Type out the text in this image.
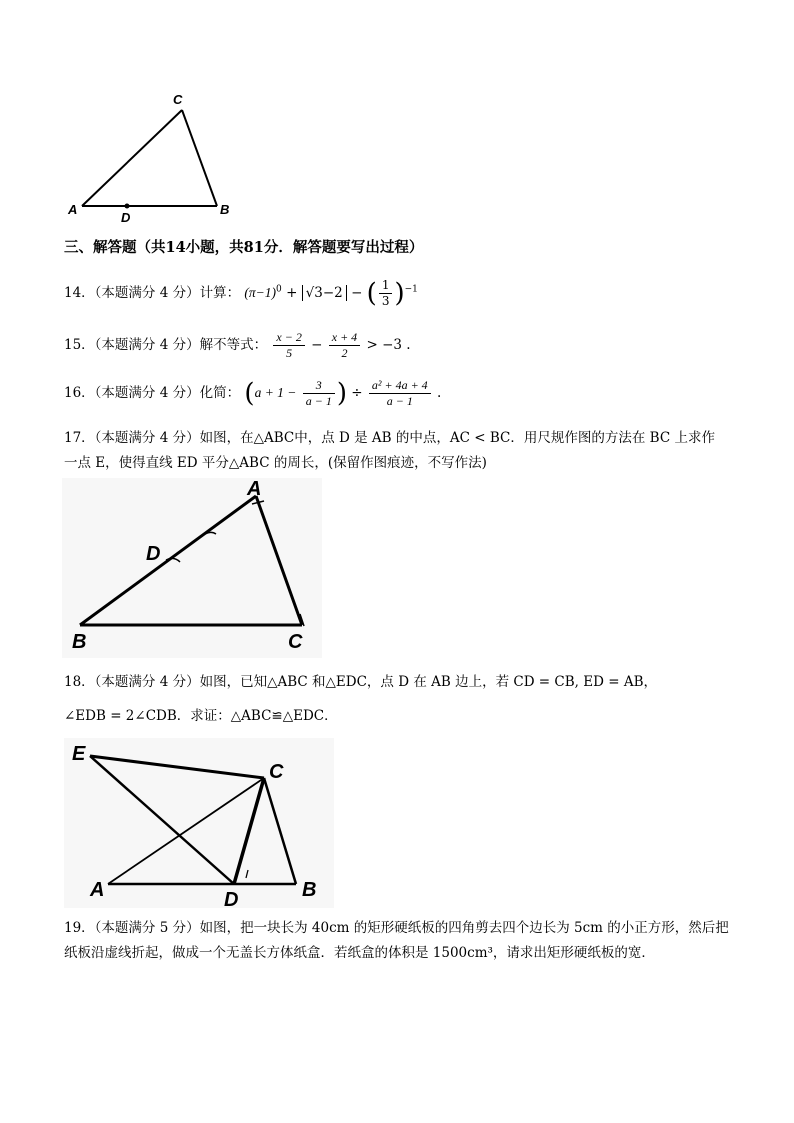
C
A	B
D
三、解答题（共14小题，共81分．解答题要写出过程）
14．（本题满分 4 分）计算： $(\pi-1)^0 + √3-2$ − ( $\frac{1}{3} )^{-1}$
15．（本题满分 4 分）解不等式： $\frac{x - 2}{5} - \frac{x + 4}{2} > -3$ .
16．（本题满分 4 分）化简： ($a + 1 - \frac{3}{a - 1}$ ) ÷ $\frac{\text{a² + 4a + 4}}{a - 1}$ .
17．（本题满分 4 分）如图，在△ABC中，点 D 是 AB 的中点，AC < BC．用尺规作图的方法在 BC 上求作
一点 E，使得直线 ED 平分△ABC 的周长，(保留作图痕迹，不写作法)
A
D
B	C
18．（本题满分 4 分）如图，已知△ABC 和△EDC，点 D 在 AB 边上，若 CD = CB, ED = AB，
∠EDB = 2∠CDB．求证：△ABC≌△EDC．
E
C
A	D	B
19．（本题满分 5 分）如图，把一块长为 40cm 的矩形硬纸板的四角剪去四个边长为 5cm 的小正方形，然后把
纸板沿虚线折起，做成一个无盖长方体纸盒．若纸盒的体积是 1500cm³，请求出矩形硬纸板的宽．
